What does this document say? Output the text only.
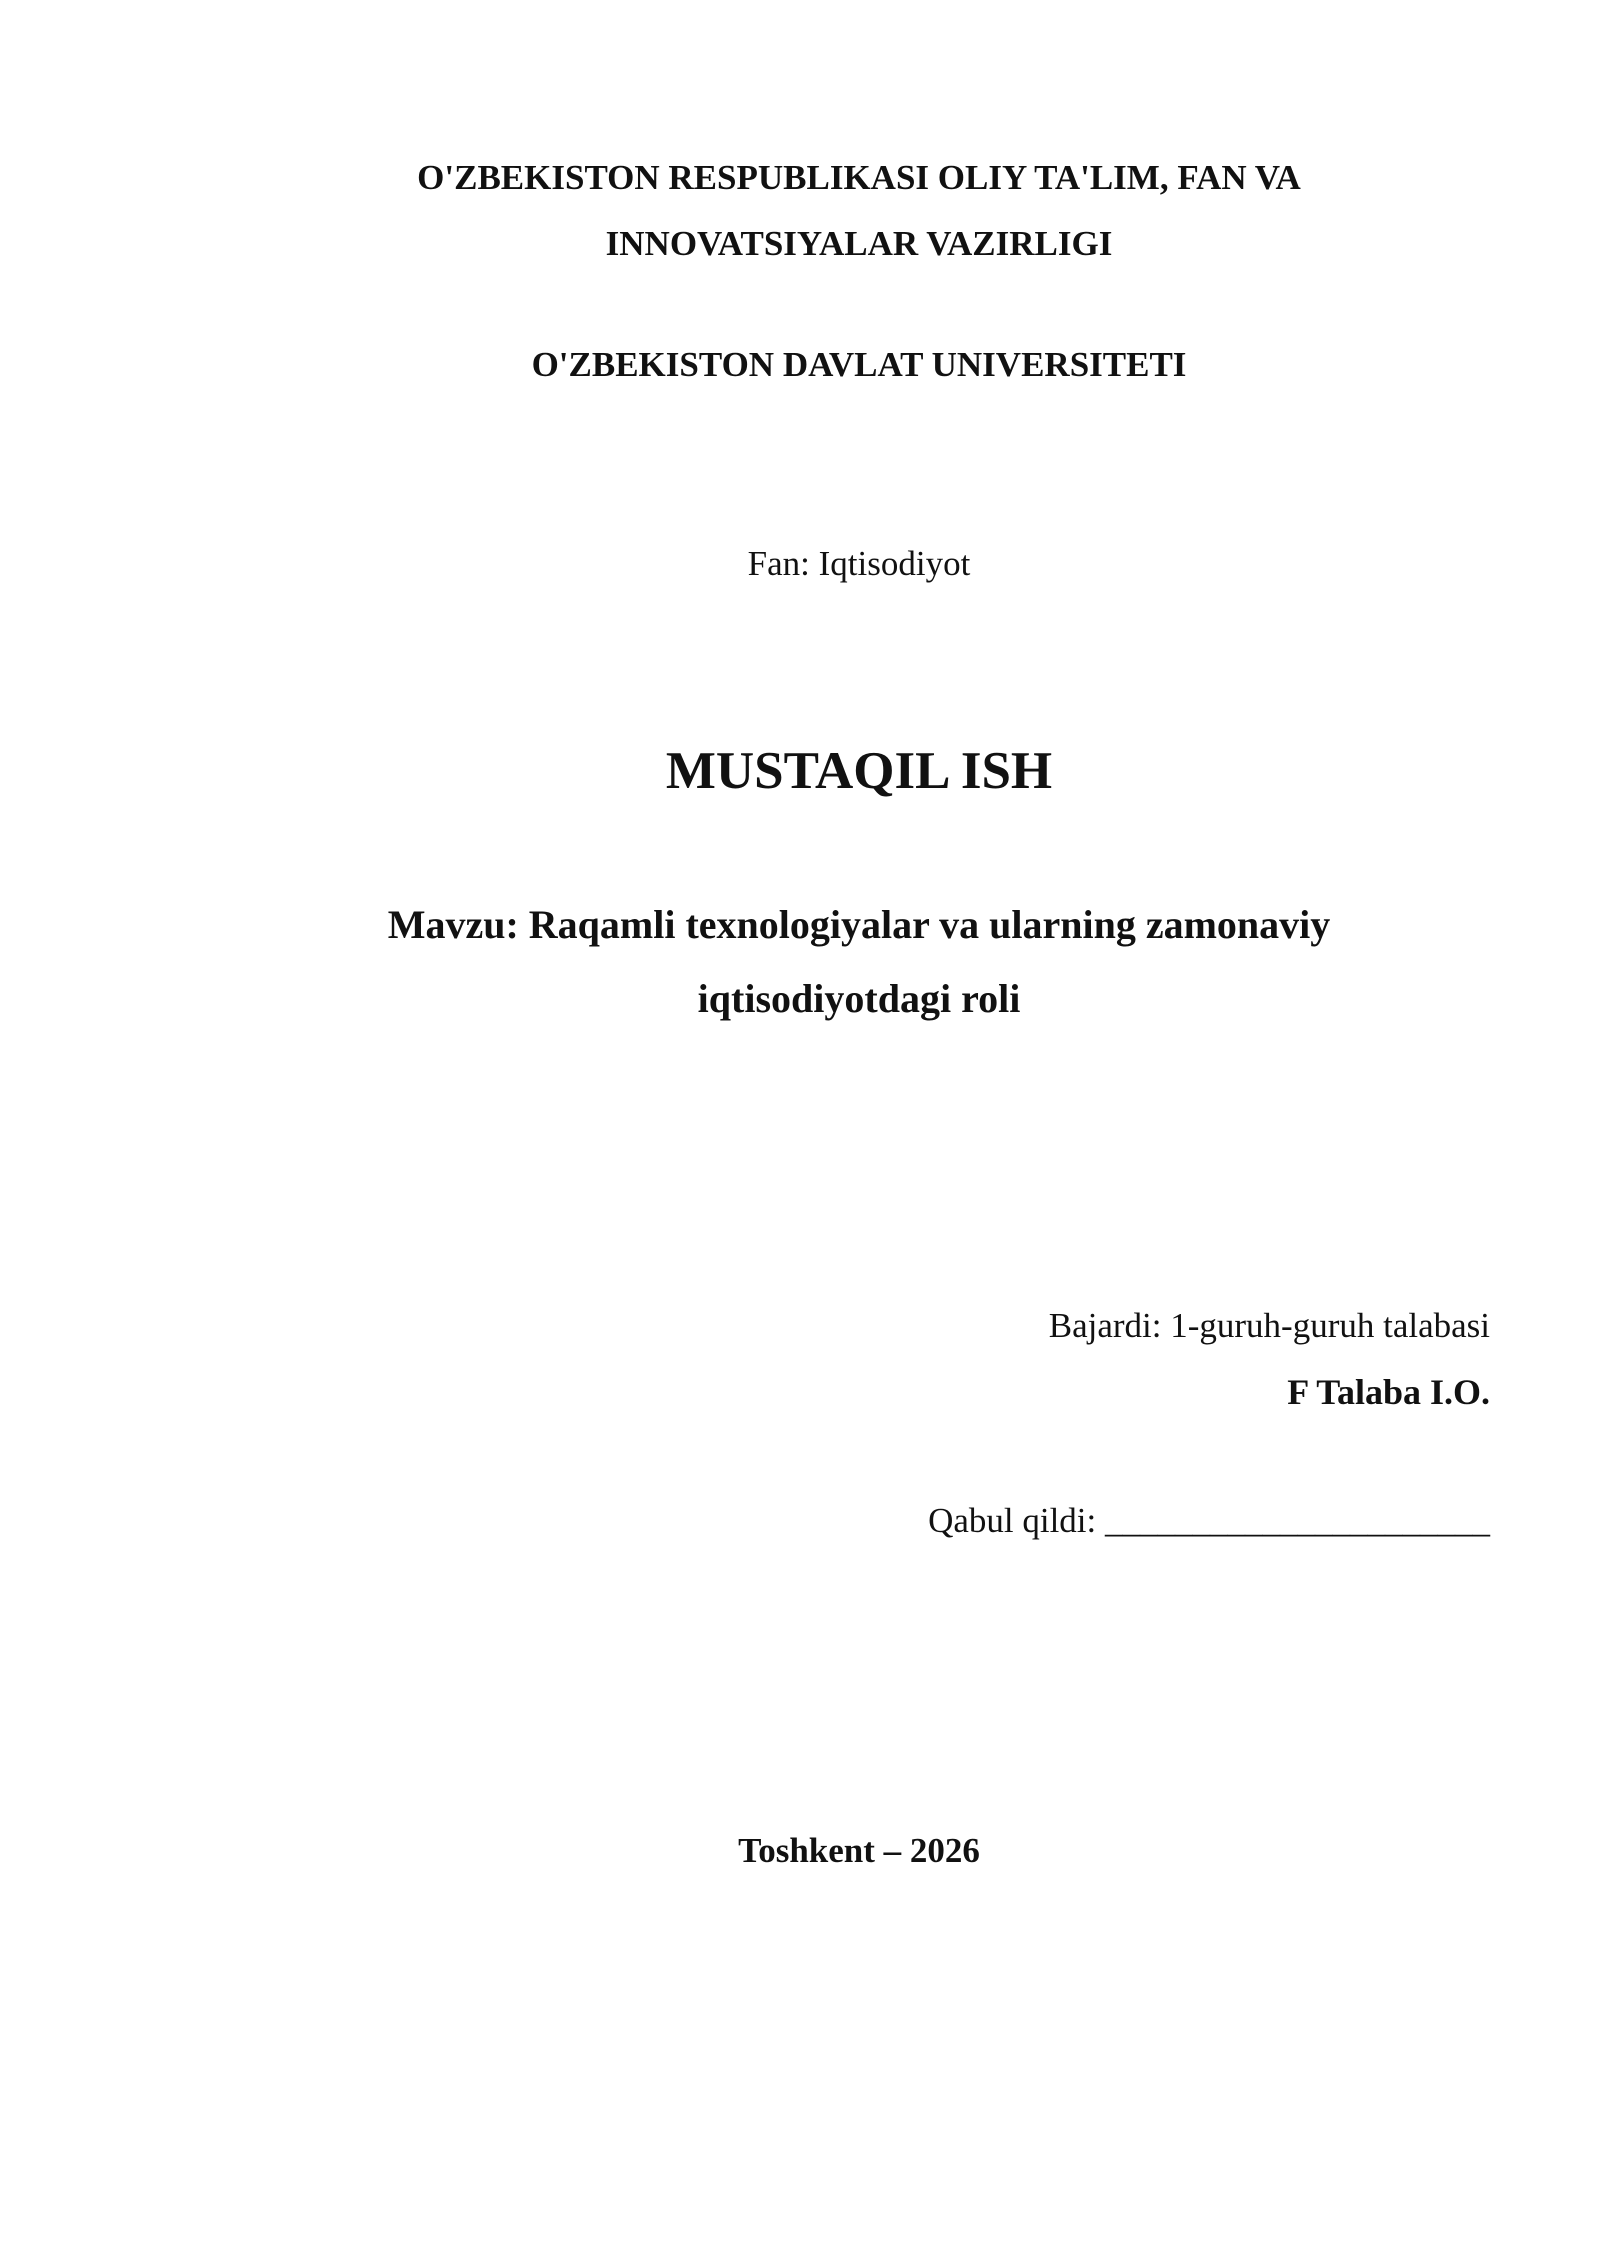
O'ZBEKISTON RESPUBLIKASI OLIY TA'LIM, FAN VA
INNOVATSIYALAR VAZIRLIGI
O'ZBEKISTON DAVLAT UNIVERSITETI
Fan: Iqtisodiyot
MUSTAQIL ISH
Mavzu: Raqamli texnologiyalar va ularning zamonaviy
iqtisodiyotdagi roli
Bajardi: 1-guruh-guruh talabasi
F Talaba I.O.
Qabul qildi: ______________________
Toshkent – 2026
